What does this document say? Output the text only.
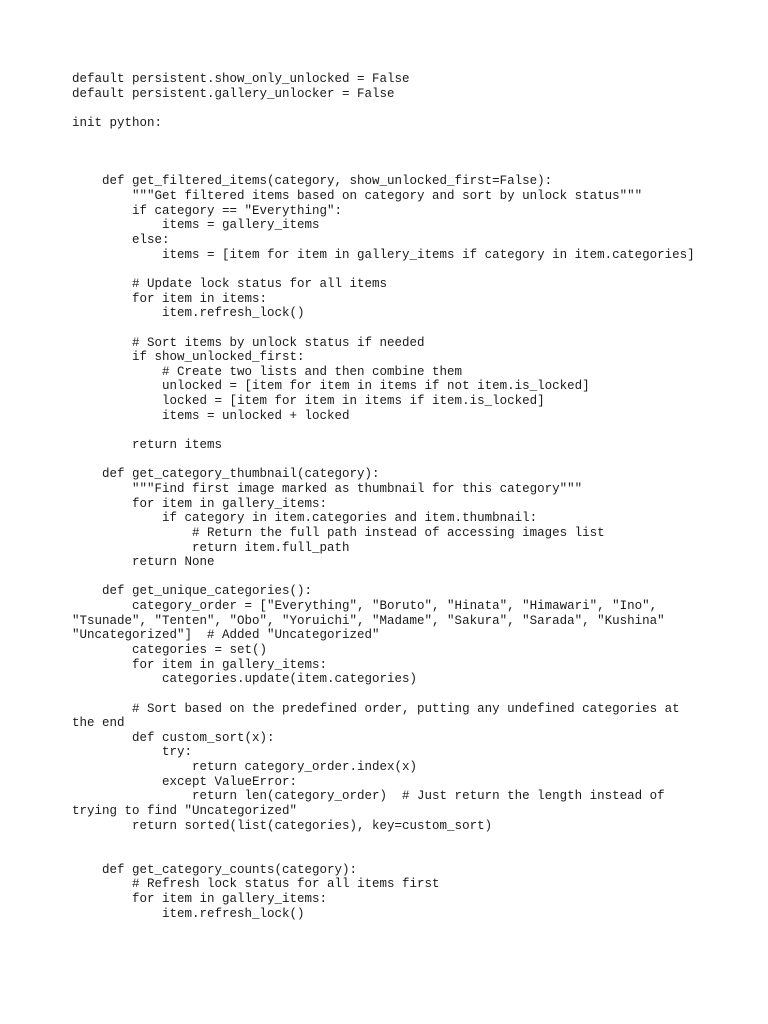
default persistent.show_only_unlocked = False
default persistent.gallery_unlocker = False
init python:
def get_filtered_items(category, show_unlocked_first=False):
"""Get filtered items based on category and sort by unlock status"""
if category == "Everything":
items = gallery_items
else:
items = [item for item in gallery_items if category in item.categories]
# Update lock status for all items
for item in items:
item.refresh_lock()
# Sort items by unlock status if needed
if show_unlocked_first:
# Create two lists and then combine them
unlocked = [item for item in items if not item.is_locked]
locked = [item for item in items if item.is_locked]
items = unlocked + locked
return items
def get_category_thumbnail(category):
"""Find first image marked as thumbnail for this category"""
for item in gallery_items:
if category in item.categories and item.thumbnail:
# Return the full path instead of accessing images list
return item.full_path
return None
def get_unique_categories():
category_order = ["Everything", "Boruto", "Hinata", "Himawari", "Ino",
"Tsunade", "Tenten", "Obo", "Yoruichi", "Madame", "Sakura", "Sarada", "Kushina"
"Uncategorized"]  # Added "Uncategorized"
categories = set()
for item in gallery_items:
categories.update(item.categories)
# Sort based on the predefined order, putting any undefined categories at
the end
def custom_sort(x):
try:
return category_order.index(x)
except ValueError:
return len(category_order)  # Just return the length instead of
trying to find "Uncategorized"
return sorted(list(categories), key=custom_sort)
def get_category_counts(category):
# Refresh lock status for all items first
for item in gallery_items:
item.refresh_lock()
